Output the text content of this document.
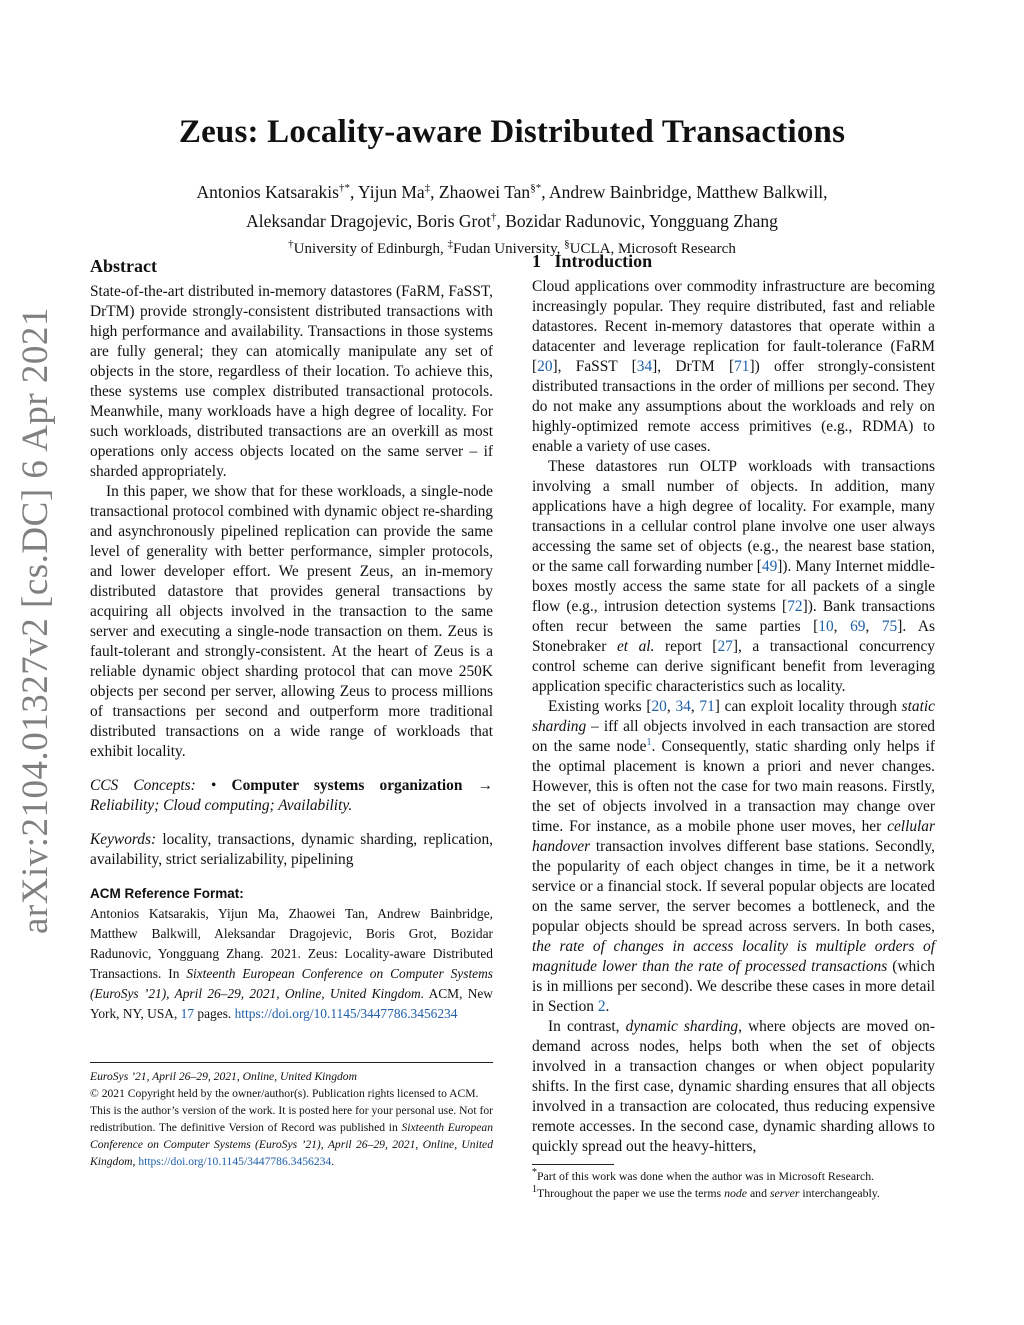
arXiv:2104.01327v2 [cs.DC] 6 Apr 2021
Zeus: Locality-aware Distributed Transactions
Antonios Katsarakis†*, Yijun Ma‡, Zhaowei Tan§*, Andrew Bainbridge, Matthew Balkwill,
Aleksandar Dragojevic, Boris Grot†, Bozidar Radunovic, Yongguang Zhang
†University of Edinburgh, ‡Fudan University, §UCLA, Microsoft Research
Abstract

State-of-the-art distributed in-memory datastores (FaRM, FaSST, DrTM) provide strongly-consistent distributed transactions with high performance and availability. Transactions in those systems are fully general; they can atomically manipulate any set of objects in the store, regardless of their location. To achieve this, these systems use complex distributed transactional protocols. Meanwhile, many workloads have a high degree of locality. For such workloads, distributed transactions are an overkill as most operations only access objects located on the same server – if sharded appropriately.

In this paper, we show that for these workloads, a single-node transactional protocol combined with dynamic object re-sharding and asynchronously pipelined replication can provide the same level of generality with better performance, simpler protocols, and lower developer effort. We present Zeus, an in-memory distributed datastore that provides general transactions by acquiring all objects involved in the transaction to the same server and executing a single-node transaction on them. Zeus is fault-tolerant and strongly-consistent. At the heart of Zeus is a reliable dynamic object sharding protocol that can move 250K objects per second per server, allowing Zeus to process millions of transactions per second and outperform more traditional distributed transactions on a wide range of workloads that exhibit locality.

CCS Concepts: • Computer systems organization → Reliability; Cloud computing; Availability.

Keywords: locality, transactions, dynamic sharding, replication, availability, strict serializability, pipelining

ACM Reference Format:

Antonios Katsarakis, Yijun Ma, Zhaowei Tan, Andrew Bainbridge, Matthew Balkwill, Aleksandar Dragojevic, Boris Grot, Bozidar Radunovic, Yongguang Zhang. 2021. Zeus: Locality-aware Distributed Transactions. In Sixteenth European Conference on Computer Systems (EuroSys ’21), April 26–29, 2021, Online, United Kingdom. ACM, New York, NY, USA, 17 pages. https://doi.org/10.1145/3447786.3456234

EuroSys ’21, April 26–29, 2021, Online, United Kingdom

© 2021 Copyright held by the owner/author(s). Publication rights licensed to ACM.

This is the author’s version of the work. It is posted here for your personal use. Not for redistribution. The definitive Version of Record was published in Sixteenth European Conference on Computer Systems (EuroSys ’21), April 26–29, 2021, Online, United Kingdom, https://doi.org/10.1145/3447786.3456234.

1 Introduction

Cloud applications over commodity infrastructure are becoming increasingly popular. They require distributed, fast and reliable datastores. Recent in-memory datastores that operate within a datacenter and leverage replication for fault-tolerance (FaRM [20], FaSST [34], DrTM [71]) offer strongly-consistent distributed transactions in the order of millions per second. They do not make any assumptions about the workloads and rely on highly-optimized remote access primitives (e.g., RDMA) to enable a variety of use cases.

These datastores run OLTP workloads with transactions involving a small number of objects. In addition, many applications have a high degree of locality. For example, many transactions in a cellular control plane involve one user always accessing the same set of objects (e.g., the nearest base station, or the same call forwarding number [49]). Many Internet middle-boxes mostly access the same state for all packets of a single flow (e.g., intrusion detection systems [72]). Bank transactions often recur between the same parties [10, 69, 75]. As Stonebraker et al. report [27], a transactional concurrency control scheme can derive significant benefit from leveraging application specific characteristics such as locality.

Existing works [20, 34, 71] can exploit locality through static sharding – iff all objects involved in each transaction are stored on the same node$^1$. Consequently, static sharding only helps if the optimal placement is known a priori and never changes. However, this is often not the case for two main reasons. Firstly, the set of objects involved in a transaction may change over time. For instance, as a mobile phone user moves, her cellular handover transaction involves different base stations. Secondly, the popularity of each object changes in time, be it a network service or a financial stock. If several popular objects are located on the same server, the server becomes a bottleneck, and the popular objects should be spread across servers. In both cases, the rate of changes in access locality is multiple orders of magnitude lower than the rate of processed transactions (which is in millions per second). We describe these cases in more detail in Section 2.

In contrast, dynamic sharding, where objects are moved on-demand across nodes, helps both when the set of objects involved in a transaction changes or when object popularity shifts. In the first case, dynamic sharding ensures that all objects involved in a transaction are colocated, thus reducing expensive remote accesses. In the second case, dynamic sharding allows to quickly spread out the heavy-hitters,

*Part of this work was done when the author was in Microsoft Research.

$^1$Throughout the paper we use the terms node and server interchangeably.
